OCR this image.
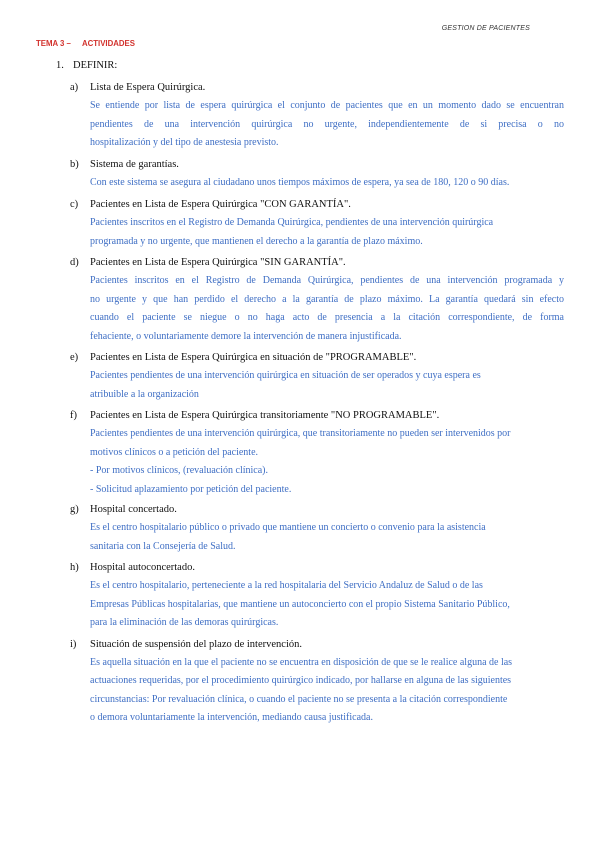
GESTION DE PACIENTES
TEMA 3 – ACTIVIDADES
1. DEFINIR:
a) Lista de Espera Quirúrgica.
Se entiende por lista de espera quirúrgica el conjunto de pacientes que en un momento dado se encuentran
pendientes de una intervención quirúrgica no urgente, independientemente de si precisa o no
hospitalización y del tipo de anestesia previsto.
b) Sistema de garantías.
Con este sistema se asegura al ciudadano unos tiempos máximos de espera, ya sea de 180, 120 o 90 días.
c) Pacientes en Lista de Espera Quirúrgica "CON GARANTÍA".
Pacientes inscritos en el Registro de Demanda Quirúrgica, pendientes de una intervención quirúrgica
programada y no urgente, que mantienen el derecho a la garantía de plazo máximo.
d) Pacientes en Lista de Espera Quirúrgica "SIN GARANTÍA".
Pacientes inscritos en el Registro de Demanda Quirúrgica, pendientes de una intervención programada y
no urgente y que han perdido el derecho a la garantía de plazo máximo. La garantía quedará sin efecto
cuando el paciente se niegue o no haga acto de presencia a la citación correspondiente, de forma
fehaciente, o voluntariamente demore la intervención de manera injustificada.
e) Pacientes en Lista de Espera Quirúrgica en situación de "PROGRAMABLE".
Pacientes pendientes de una intervención quirúrgica en situación de ser operados y cuya espera es
atribuible a la organización
f) Pacientes en Lista de Espera Quirúrgica transitoriamente "NO PROGRAMABLE".
Pacientes pendientes de una intervención quirúrgica, que transitoriamente no pueden ser intervenidos por
motivos clínicos o a petición del paciente.
- Por motivos clínicos, (revaluación clínica).
- Solicitud aplazamiento por petición del paciente.
g) Hospital concertado.
Es el centro hospitalario público o privado que mantiene un concierto o convenio para la asistencia
sanitaria con la Consejería de Salud.
h) Hospital autoconcertado.
Es el centro hospitalario, perteneciente a la red hospitalaria del Servicio Andaluz de Salud o de las
Empresas Públicas hospitalarias, que mantiene un autoconcierto con el propio Sistema Sanitario Público,
para la eliminación de las demoras quirúrgicas.
i) Situación de suspensión del plazo de intervención.
Es aquella situación en la que el paciente no se encuentra en disposición de que se le realice alguna de las
actuaciones requeridas, por el procedimiento quirúrgico indicado, por hallarse en alguna de las siguientes
circunstancias: Por revaluación clínica, o cuando el paciente no se presenta a la citación correspondiente
o demora voluntariamente la intervención, mediando causa justificada.
